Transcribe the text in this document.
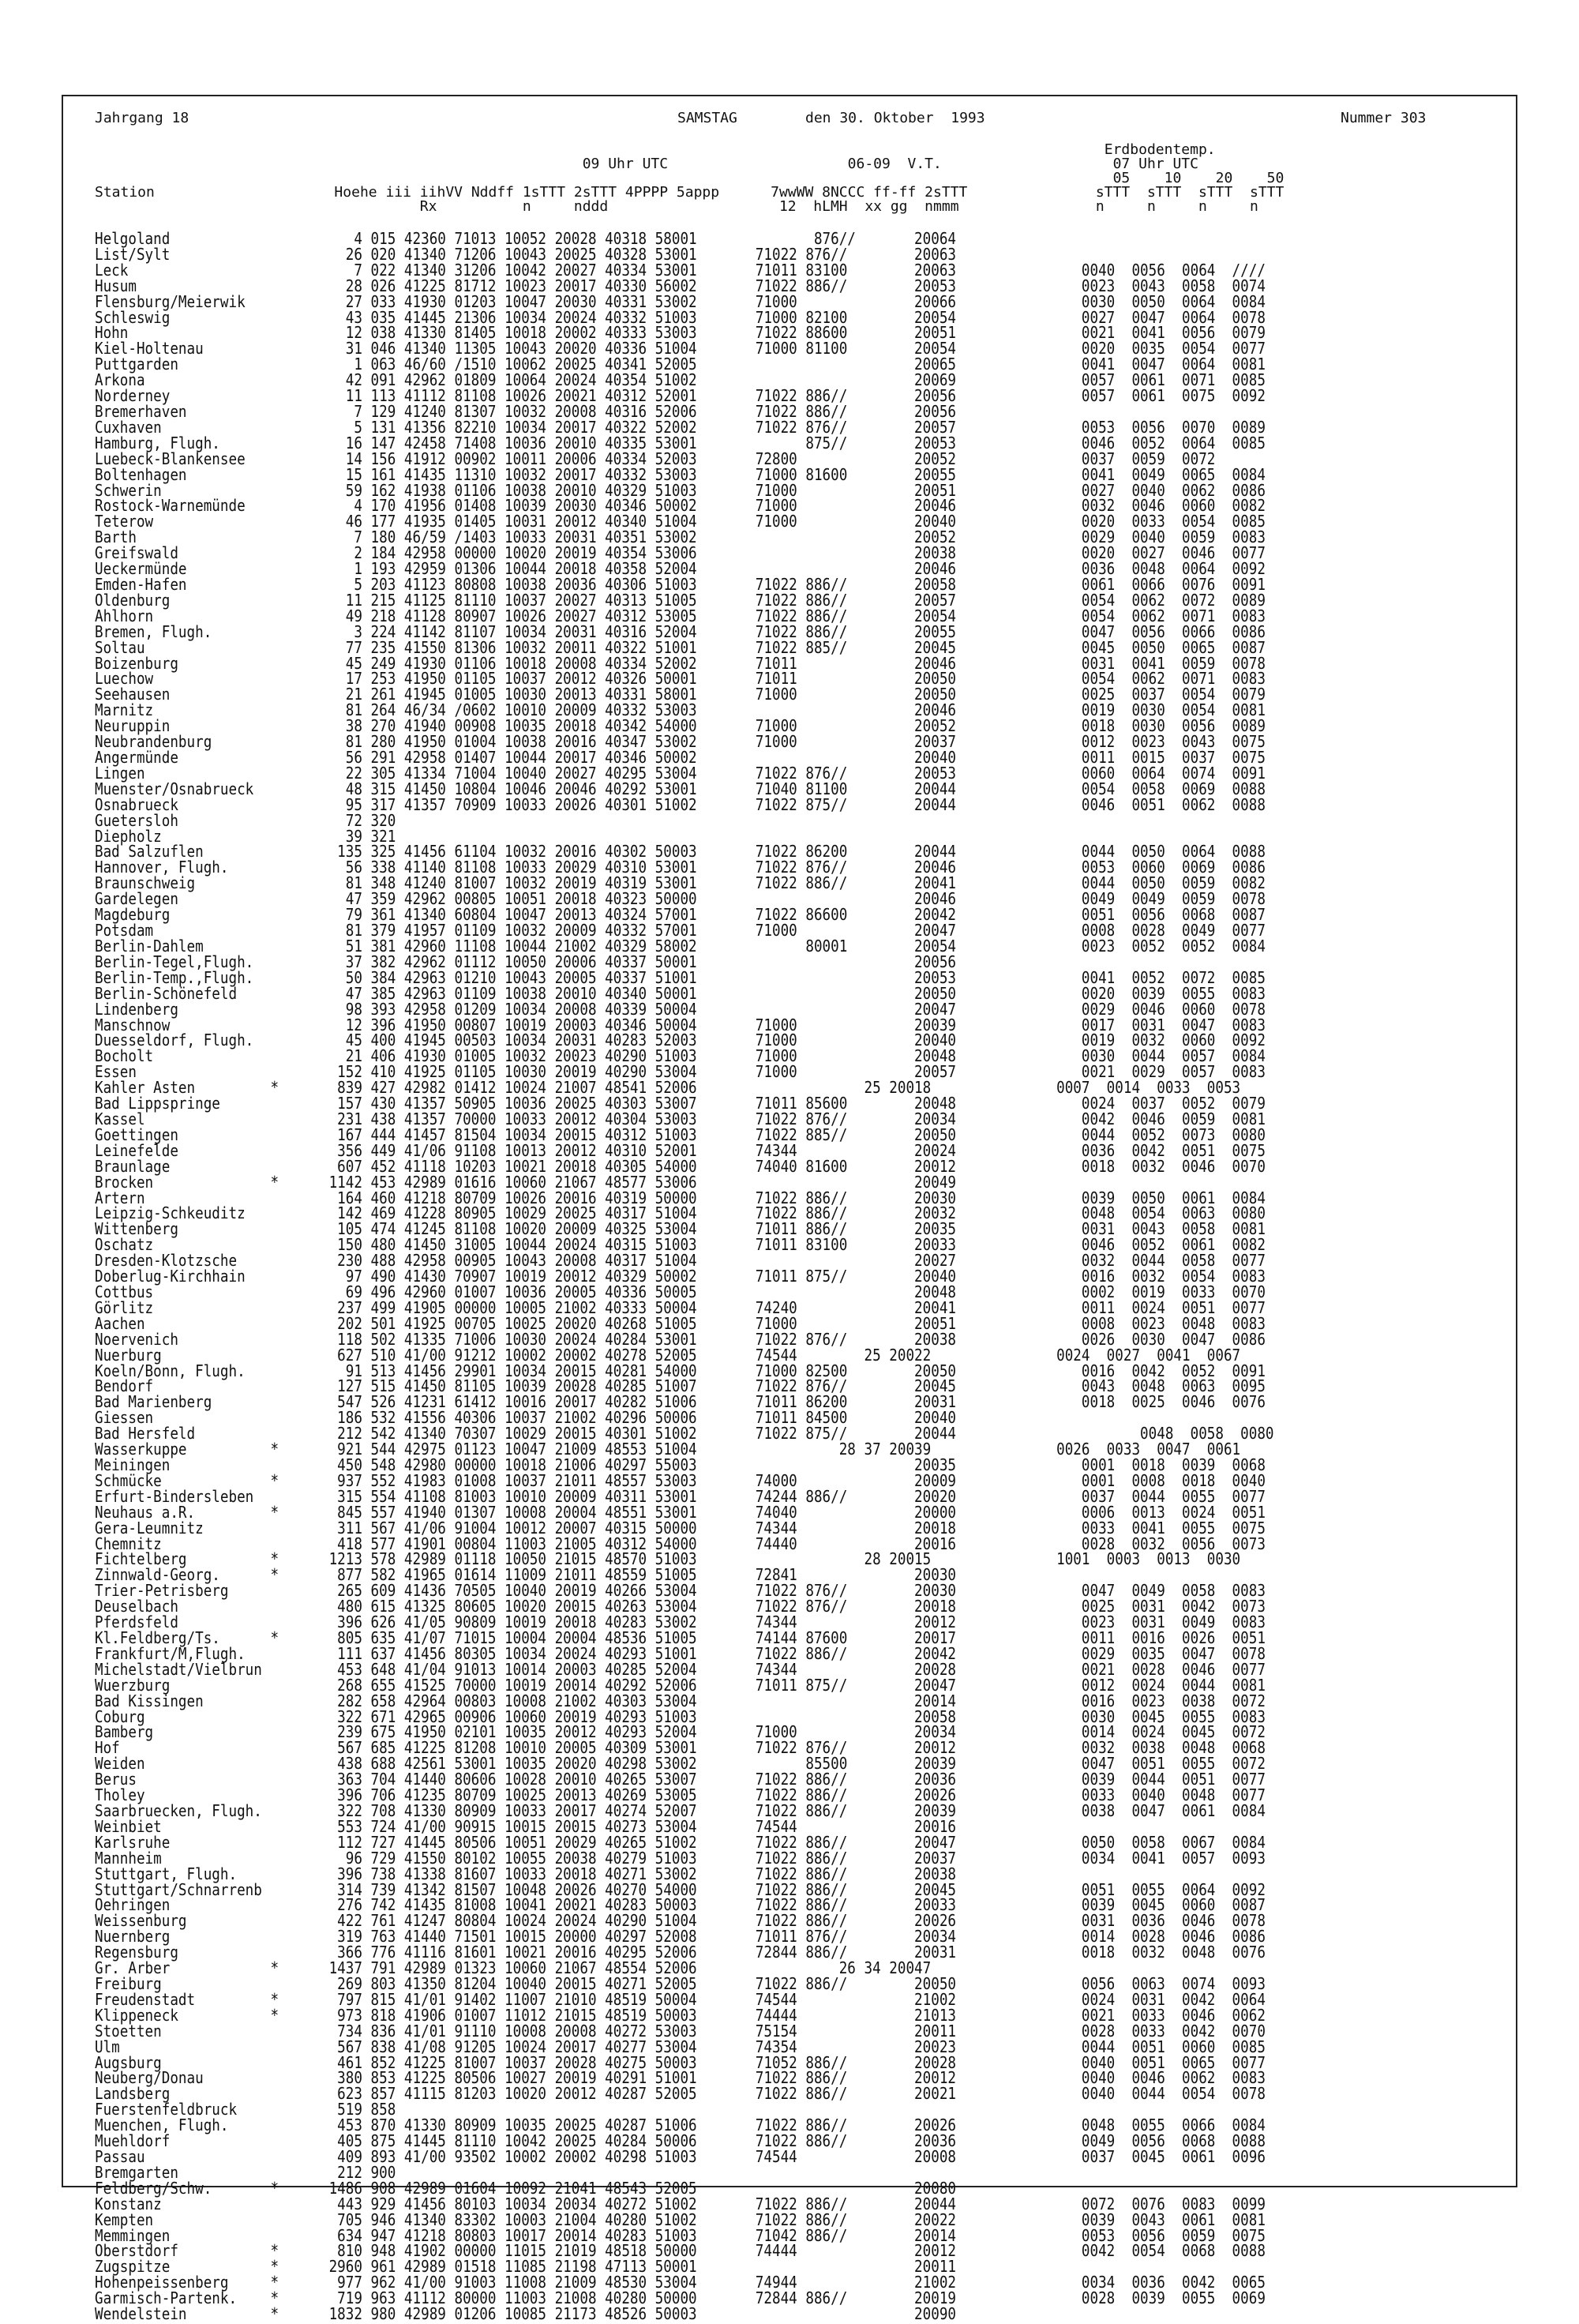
Jahrgang 18	SAMSTAG	den 30. Oktober  1993	Nummer 303
Erdbodentemp.
09 Uhr UTC                     06-09  V.T.                    07 Uhr UTC
05    10    20    50
Station                     Hoehe iii iihVV Nddff 1sTTT 2sTTT 4PPPP 5appp      7wwWW 8NCCC ff-ff 2sTTT               sTTT  sTTT  sTTT  sTTT
Rx          n     nddd                    12  hLMH  xx gg  nmmm                n     n     n     n
Helgoland                      4 015 42360 71013 10052 20028 40318 58001              876//       20064
List/Sylt                     26 020 41340 71206 10043 20025 40328 53001       71022 876//        20063
Leck                           7 022 41340 31206 10042 20027 40334 53001       71011 83100        20063               0040  0056  0064  ////
Husum                         28 026 41225 81712 10023 20017 40330 56002       71022 886//        20053               0023  0043  0058  0074
Flensburg/Meierwik            27 033 41930 01203 10047 20030 40331 53002       71000              20066               0030  0050  0064  0084
Schleswig                     43 035 41445 21306 10034 20024 40332 51003       71000 82100        20054               0027  0047  0064  0078
Hohn                          12 038 41330 81405 10018 20002 40333 53003       71022 88600        20051               0021  0041  0056  0079
Kiel-Holtenau                 31 046 41340 11305 10043 20020 40336 51004       71000 81100        20054               0020  0035  0054  0077
Puttgarden                     1 063 46/60 /1510 10062 20025 40341 52005                          20065               0041  0047  0064  0081
Arkona                        42 091 42962 01809 10064 20024 40354 51002                          20069               0057  0061  0071  0085
Norderney                     11 113 41112 81108 10026 20021 40312 52001       71022 886//        20056               0057  0061  0075  0092
Bremerhaven                    7 129 41240 81307 10032 20008 40316 52006       71022 886//        20056
Cuxhaven                       5 131 41356 82210 10034 20017 40322 52002       71022 876//        20057               0053  0056  0070  0089
Hamburg, Flugh.               16 147 42458 71408 10036 20010 40335 53001             875//        20053               0046  0052  0064  0085
Luebeck-Blankensee            14 156 41912 00902 10011 20006 40334 52003       72800              20052               0037  0059  0072
Boltenhagen                   15 161 41435 11310 10032 20017 40332 53003       71000 81600        20055               0041  0049  0065  0084
Schwerin                      59 162 41938 01106 10038 20010 40329 51003       71000              20051               0027  0040  0062  0086
Rostock-Warnemünde             4 170 41956 01408 10039 20030 40346 50002       71000              20046               0032  0046  0060  0082
Teterow                       46 177 41935 01405 10031 20012 40340 51004       71000              20040               0020  0033  0054  0085
Barth                          7 180 46/59 /1403 10033 20031 40351 53002                          20052               0029  0040  0059  0083
Greifswald                     2 184 42958 00000 10020 20019 40354 53006                          20038               0020  0027  0046  0077
Ueckermünde                    1 193 42959 01306 10044 20018 40358 52004                          20046               0036  0048  0064  0092
Emden-Hafen                    5 203 41123 80808 10038 20036 40306 51003       71022 886//        20058               0061  0066  0076  0091
Oldenburg                     11 215 41125 81110 10037 20027 40313 51005       71022 886//        20057               0054  0062  0072  0089
Ahlhorn                       49 218 41128 80907 10026 20027 40312 53005       71022 886//        20054               0054  0062  0071  0083
Bremen, Flugh.                 3 224 41142 81107 10034 20031 40316 52004       71022 886//        20055               0047  0056  0066  0086
Soltau                        77 235 41550 81306 10032 20011 40322 51001       71022 885//        20045               0045  0050  0065  0087
Boizenburg                    45 249 41930 01106 10018 20008 40334 52002       71011              20046               0031  0041  0059  0078
Luechow                       17 253 41950 01105 10037 20012 40326 50001       71011              20050               0054  0062  0071  0083
Seehausen                     21 261 41945 01005 10030 20013 40331 58001       71000              20050               0025  0037  0054  0079
Marnitz                       81 264 46/34 /0602 10010 20009 40332 53003                          20046               0019  0030  0054  0081
Neuruppin                     38 270 41940 00908 10035 20018 40342 54000       71000              20052               0018  0030  0056  0089
Neubrandenburg                81 280 41950 01004 10038 20016 40347 53002       71000              20037               0012  0023  0043  0075
Angermünde                    56 291 42958 01407 10044 20017 40346 50002                          20040               0011  0015  0037  0075
Lingen                        22 305 41334 71004 10040 20027 40295 53004       71022 876//        20053               0060  0064  0074  0091
Muenster/Osnabrueck           48 315 41450 10804 10046 20046 40292 53001       71040 81100        20044               0054  0058  0069  0088
Osnabrueck                    95 317 41357 70909 10033 20026 40301 51002       71022 875//        20044               0046  0051  0062  0088
Guetersloh                    72 320
Diepholz                      39 321
Bad Salzuflen                135 325 41456 61104 10032 20016 40302 50003       71022 86200        20044               0044  0050  0064  0088
Hannover, Flugh.              56 338 41140 81108 10033 20029 40310 53001       71022 876//        20046               0053  0060  0069  0086
Braunschweig                  81 348 41240 81007 10032 20019 40319 53001       71022 886//        20041               0044  0050  0059  0082
Gardelegen                    47 359 42962 00805 10051 20018 40323 50000                          20046               0049  0049  0059  0078
Magdeburg                     79 361 41340 60804 10047 20013 40324 57001       71022 86600        20042               0051  0056  0068  0087
Potsdam                       81 379 41957 01109 10032 20009 40332 57001       71000              20047               0008  0028  0049  0077
Berlin-Dahlem                 51 381 42960 11108 10044 21002 40329 58002             80001        20054               0023  0052  0052  0084
Berlin-Tegel,Flugh.           37 382 42962 01112 10050 20006 40337 50001                          20056
Berlin-Temp.,Flugh.           50 384 42963 01210 10043 20005 40337 51001                          20053               0041  0052  0072  0085
Berlin-Schönefeld             47 385 42963 01109 10038 20010 40340 50001                          20050               0020  0039  0055  0083
Lindenberg                    98 393 42958 01209 10034 20008 40339 50004                          20047               0029  0046  0060  0078
Manschnow                     12 396 41950 00807 10019 20003 40346 50004       71000              20039               0017  0031  0047  0083
Duesseldorf, Flugh.           45 400 41945 00503 10034 20031 40283 52003       71000              20040               0019  0032  0060  0092
Bocholt                       21 406 41930 01005 10032 20023 40290 51003       71000              20048               0030  0044  0057  0084
Essen                        152 410 41925 01105 10030 20019 40290 53004       71000              20057               0021  0029  0057  0083
Kahler Asten         *       839 427 42982 01412 10024 21007 48541 52006                    25 20018               0007  0014  0033  0053
Bad Lippspringe              157 430 41357 50905 10036 20025 40303 53007       71011 85600        20048               0024  0037  0052  0079
Kassel                       231 438 41357 70000 10033 20012 40304 53003       71022 876//        20034               0042  0046  0059  0081
Goettingen                   167 444 41457 81504 10034 20015 40312 51003       71022 885//        20050               0044  0052  0073  0080
Leinefelde                   356 449 41/06 91108 10013 20012 40310 52001       74344              20024               0036  0042  0051  0075
Braunlage                    607 452 41118 10203 10021 20018 40305 54000       74040 81600        20012               0018  0032  0046  0070
Brocken              *      1142 453 42989 01616 10060 21067 48577 53006                          20049
Artern                       164 460 41218 80709 10026 20016 40319 50000       71022 886//        20030               0039  0050  0061  0084
Leipzig-Schkeuditz           142 469 41228 80905 10029 20025 40317 51004       71022 886//        20032               0048  0054  0063  0080
Wittenberg                   105 474 41245 81108 10020 20009 40325 53004       71011 886//        20035               0031  0043  0058  0081
Oschatz                      150 480 41450 31005 10044 20024 40315 51003       71011 83100        20033               0046  0052  0061  0082
Dresden-Klotzsche            230 488 42958 00905 10043 20008 40317 51004                          20027               0032  0044  0058  0077
Doberlug-Kirchhain            97 490 41430 70907 10019 20012 40329 50002       71011 875//        20040               0016  0032  0054  0083
Cottbus                       69 496 42960 01007 10036 20005 40336 50005                          20048               0002  0019  0033  0070
Görlitz                      237 499 41905 00000 10005 21002 40333 50004       74240              20041               0011  0024  0051  0077
Aachen                       202 501 41925 00705 10025 20020 40268 51005       71000              20051               0008  0023  0048  0083
Noervenich                   118 502 41335 71006 10030 20024 40284 53001       71022 876//        20038               0026  0030  0047  0086
Nuerburg                     627 510 41/00 91212 10002 20002 40278 52005       74544        25 20022               0024  0027  0041  0067
Koeln/Bonn, Flugh.            91 513 41456 29901 10034 20015 40281 54000       71000 82500        20050               0016  0042  0052  0091
Bendorf                      127 515 41450 81105 10039 20028 40285 51007       71022 876//        20045               0043  0048  0063  0095
Bad Marienberg               547 526 41231 61412 10016 20017 40282 51006       71011 86200        20031               0018  0025  0046  0076
Giessen                      186 532 41556 40306 10037 21002 40296 50006       71011 84500        20040
Bad Hersfeld                 212 542 41340 70307 10029 20015 40301 51002       71022 875//        20044                      0048  0058  0080
Wasserkuppe          *       921 544 42975 01123 10047 21009 48553 51004                 28 37 20039               0026  0033  0047  0061
Meiningen                    450 548 42980 00000 10018 21006 40297 55003                          20035               0001  0018  0039  0068
Schmücke             *       937 552 41983 01008 10037 21011 48557 53003       74000              20009               0001  0008  0018  0040
Erfurt-Bindersleben          315 554 41108 81003 10010 20009 40311 53001       74244 886//        20020               0037  0044  0055  0077
Neuhaus a.R.         *       845 557 41940 01307 10008 20004 48551 53001       74040              20000               0006  0013  0024  0051
Gera-Leumnitz                311 567 41/06 91004 10012 20007 40315 50000       74344              20018               0033  0041  0055  0075
Chemnitz                     418 577 41901 00804 11003 21005 40312 54000       74440              20016               0028  0032  0056  0073
Fichtelberg          *      1213 578 42989 01118 10050 21015 48570 51003                    28 20015               1001  0003  0013  0030
Zinnwald-Georg.      *       877 582 41965 01614 11009 21011 48559 51005       72841              20030
Trier-Petrisberg             265 609 41436 70505 10040 20019 40266 53004       71022 876//        20030               0047  0049  0058  0083
Deuselbach                   480 615 41325 80605 10020 20015 40263 53004       71022 876//        20018               0025  0031  0042  0073
Pferdsfeld                   396 626 41/05 90809 10019 20018 40283 53002       74344              20012               0023  0031  0049  0083
Kl.Feldberg/Ts.      *       805 635 41/07 71015 10004 20004 48536 51005       74144 87600        20017               0011  0016  0026  0051
Frankfurt/M,Flugh.           111 637 41456 80305 10034 20024 40293 51001       71022 886//        20042               0029  0035  0047  0078
Michelstadt/Vielbrun         453 648 41/04 91013 10014 20003 40285 52004       74344              20028               0021  0028  0046  0077
Wuerzburg                    268 655 41525 70000 10019 20014 40292 52006       71011 875//        20047               0012  0024  0044  0081
Bad Kissingen                282 658 42964 00803 10008 21002 40303 53004                          20014               0016  0023  0038  0072
Coburg                       322 671 42965 00906 10060 20019 40293 51003                          20058               0030  0045  0055  0083
Bamberg                      239 675 41950 02101 10035 20012 40293 52004       71000              20034               0014  0024  0045  0072
Hof                          567 685 41225 81208 10010 20005 40309 53001       71022 876//        20012               0032  0038  0048  0068
Weiden                       438 688 42561 53001 10035 20020 40298 53002             85500        20039               0047  0051  0055  0072
Berus                        363 704 41440 80606 10028 20010 40265 53007       71022 886//        20036               0039  0044  0051  0077
Tholey                       396 706 41235 80709 10025 20013 40269 53005       71022 886//        20026               0033  0040  0048  0077
Saarbruecken, Flugh.         322 708 41330 80909 10033 20017 40274 52007       71022 886//        20039               0038  0047  0061  0084
Weinbiet                     553 724 41/00 90915 10015 20015 40273 53004       74544              20016
Karlsruhe                    112 727 41445 80506 10051 20029 40265 51002       71022 886//        20047               0050  0058  0067  0084
Mannheim                      96 729 41550 80102 10055 20038 40279 51003       71022 886//        20037               0034  0041  0057  0093
Stuttgart, Flugh.            396 738 41338 81607 10033 20018 40271 53002       71022 886//        20038
Stuttgart/Schnarrenb         314 739 41342 81507 10048 20026 40270 54000       71022 886//        20045               0051  0055  0064  0092
Oehringen                    276 742 41435 81008 10041 20021 40283 50003       71022 886//        20033               0039  0045  0060  0087
Weissenburg                  422 761 41247 80804 10024 20024 40290 51004       71022 886//        20026               0031  0036  0046  0078
Nuernberg                    319 763 41440 71501 10015 20000 40297 52008       71011 876//        20034               0014  0028  0046  0086
Regensburg                   366 776 41116 81601 10021 20016 40295 52006       72844 886//        20031               0018  0032  0048  0076
Gr. Arber            *      1437 791 42989 01323 10060 21067 48554 52006                 26 34 20047
Freiburg                     269 803 41350 81204 10040 20015 40271 52005       71022 886//        20050               0056  0063  0074  0093
Freudenstadt         *       797 815 41/01 91402 11007 21010 48519 50004       74544              21002               0024  0031  0042  0064
Klippeneck           *       973 818 41906 01007 11012 21015 48519 50003       74444              21013               0021  0033  0046  0062
Stoetten                     734 836 41/01 91110 10008 20008 40272 53003       75154              20011               0028  0033  0042  0070
Ulm                          567 838 41/08 91205 10024 20017 40277 53004       74354              20023               0044  0051  0060  0085
Augsburg                     461 852 41225 81007 10037 20028 40275 50003       71052 886//        20028               0040  0051  0065  0077
Neuberg/Donau                380 853 41225 80506 10027 20019 40291 51001       71022 886//        20012               0040  0046  0062  0083
Landsberg                    623 857 41115 81203 10020 20012 40287 52005       71022 886//        20021               0040  0044  0054  0078
Fuerstenfeldbruck            519 858
Muenchen, Flugh.             453 870 41330 80909 10035 20025 40287 51006       71022 886//        20026               0048  0055  0066  0084
Muehldorf                    405 875 41445 81110 10042 20025 40284 50006       71022 886//        20036               0049  0056  0068  0088
Passau                       409 893 41/00 93502 10002 20002 40298 51003       74544              20008               0037  0045  0061  0096
Bremgarten                   212 900
Feldberg/Schw.       *      1486 908 42989 01604 10092 21041 48543 52005                          20080
Konstanz                     443 929 41456 80103 10034 20034 40272 51002       71022 886//        20044               0072  0076  0083  0099
Kempten                      705 946 41340 83302 10003 21004 40280 51002       71022 886//        20022               0039  0043  0061  0081
Memmingen                    634 947 41218 80803 10017 20014 40283 51003       71042 886//        20014               0053  0056  0059  0075
Oberstdorf           *       810 948 41902 00000 11015 21019 48518 50000       74444              20012               0042  0054  0068  0088
Zugspitze            *      2960 961 42989 01518 11085 21198 47113 50001                          20011
Hohenpeissenberg     *       977 962 41/00 91003 11008 21009 48530 53004       74944              21002               0034  0036  0042  0065
Garmisch-Partenk.    *       719 963 41112 80000 11003 21008 40280 50000       72844 886//        20019               0028  0039  0055  0069
Wendelstein          *      1832 980 42989 01206 10085 21173 48526 50003                          20090
